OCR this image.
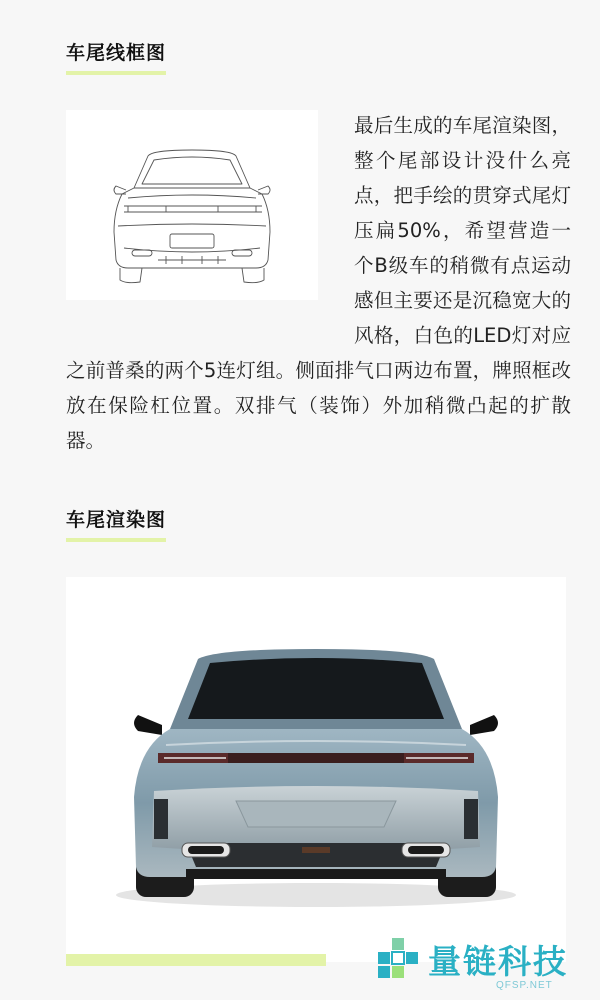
车尾线框图
最后生成的车尾渲染图，整个尾部设计没什么亮点，把手绘的贯穿式尾灯压扁50%，希望营造一个B级车的稍微有点运动感但主要还是沉稳宽大的风格，白色的LED灯对应之前普桑的两个5连灯组。侧面排气口两边布置，牌照框改放在保险杠位置。双排气（装饰）外加稍微凸起的扩散器。
车尾渲染图
量链科技
QFSP.NET
